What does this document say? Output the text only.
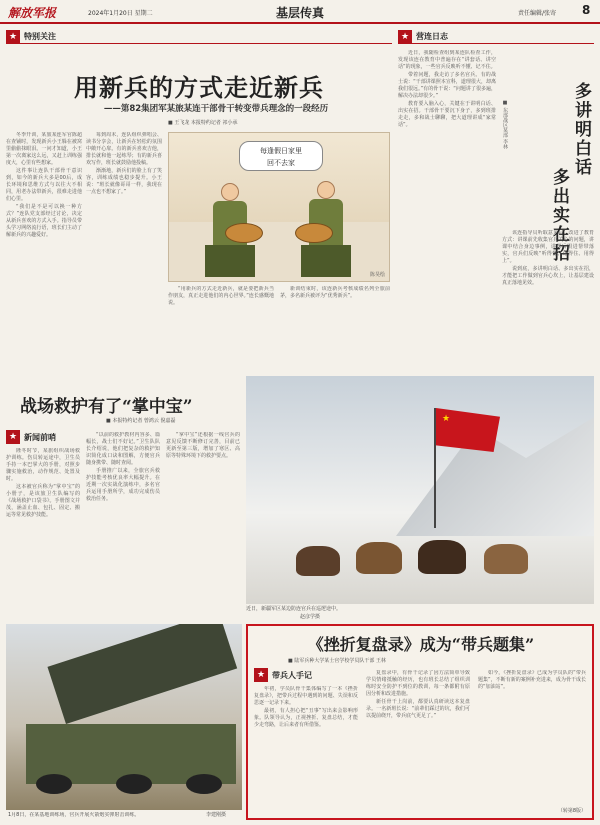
解放军报	2024年1月20日 星期二	基层传真	责任编辑/张寄 8
★
特别关注
用新兵的方式走近新兵
——第82集团军某旅某连干部骨干转变带兵理念的一段经历
■ 王飞龙 本报特约记者 祁小承
每逢假日家里
回不去家
陈昊绘

冬季开训，某旅某连军官陈超在查铺时，发现新兵小王躲在被窝里偷偷抹眼泪。一问才知道，小王第一次离家这么远，又赶上训练强度大，心里有些想家。

这件事让连队干部骨干意识到，如今的新兵大多是00后，成长环境和思维方式与以往大不相同，用老办法带新兵，很难走进他们心里。

“我们是不是可以换一种方式？”连队党支部经过讨论，决定从新兵喜欢的方式入手。指导员带头学习网络流行语，班长们主动了解新兵的兴趣爱好。

每到周末，连队组织弹唱会、读书分享会，让新兵在轻松的氛围中敞开心扉。有的新兵喜欢吉他，排长就和他一起练琴；有的新兵喜欢写作，班长就鼓励他投稿。

渐渐地，新兵们的脸上有了笑容，训练成绩也稳步提升。小王说：“班长就像哥哥一样，我现在一点也不想家了。”

“用新兵的方式走近新兵，就是要把新兵当作朋友，真正走进他们的内心世界。”连长感慨地说。

新训结束时，该连新兵考核成绩名列全旅前茅，多名新兵被评为“优秀新兵”。

★
营连日志

近日，我随检查组到某连队检查工作，发现该连在教育中普遍存在“讲套话、讲空话”的现象，一些官兵反映听不懂、记不住。

带着问题，我走访了多名官兵。有的战士说：“干部讲课照本宣科，道理很大，却离我们很远。”有的骨干说：“问题讲了很多遍，解决办法却很少。”

教育要入脑入心，关键在于讲明白话、出实在招。干部骨干要沉下身子，多到班排走走，多和战士聊聊，把大道理讲成“家常话”。	多讲明白话
多出实在招
■ 东部战区某部 李林

该连指导员听取意见后，改进了教育方式：讲课前先收集官兵关心的问题，讲课中结合身边事例，讲课后跟进帮带落实，官兵们反映“听得懂、记得住、用得上”。

说到底，多讲明白话、多出实在招，才能把工作做到官兵心坎上，让基层建设真正落地见效。

战场救护有了“掌中宝”
■ 本报特约记者 曾鸿云 倪嘉磊
★
新闻前哨

隆冬时节，某旅组织战场救护训练。伤员转运途中，卫生员手持一本巴掌大的手册，对照步骤实施救治，动作规范、处置及时。

这本被官兵称为“掌中宝”的小册子，是该旅卫生队编写的《战场救护口袋书》。手册图文并茂，涵盖止血、包扎、固定、搬运等常见救护技能。

“以前的救护教材内容多、篇幅长，战士们不好记。”卫生队队长介绍说，他们把复杂的救护知识简化成口诀和图解，方便官兵随身携带、随时查阅。

手册推广以来，全旅官兵救护技能考核优良率大幅提升。在近期一次实战化演练中，多名官兵运用手册所学，成功完成伤员救治任务。

“掌中宝”还根据一线官兵的意见反馈不断修订完善，目前已更新至第三版，增加了寒区、高原等特殊环境下的救护要点。

★
近日，新疆军区某边防连官兵在巡逻途中。
赵彦学摄
1月8日，在某基地训练场，官兵开展火箭炮实弹射击训练。	李建刚摄
《挫折复盘录》成为“带兵题集”
■ 陆军兵种大学某士官学校学员队干部 王林
★
带兵人手记

年初，学员队骨干集体编写了一本《挫折复盘录》，把带兵过程中遇到的问题、失误和反思逐一记录下来。

最初，有人担心把“丑事”写出来会影响形象。队领导认为，正视挫折、复盘总结，才能少走弯路，让后来者有所借鉴。

复盘录中，有骨干记录了因方法简单导致学员情绪抵触的经历，也有班长总结了组织训练时安全防护不到位的教训，每一条都附有原因分析和改进措施。

新任骨干上岗前，都要认真研读这本复盘录。一名新班长说：“前辈们踩过的坑，我们可以提前绕开，带兵底气更足了。”

如今，《挫折复盘录》已成为学员队的“带兵题集”，不断有新的案例补充进来，成为骨干成长的“加油站”。

（转第8版）
